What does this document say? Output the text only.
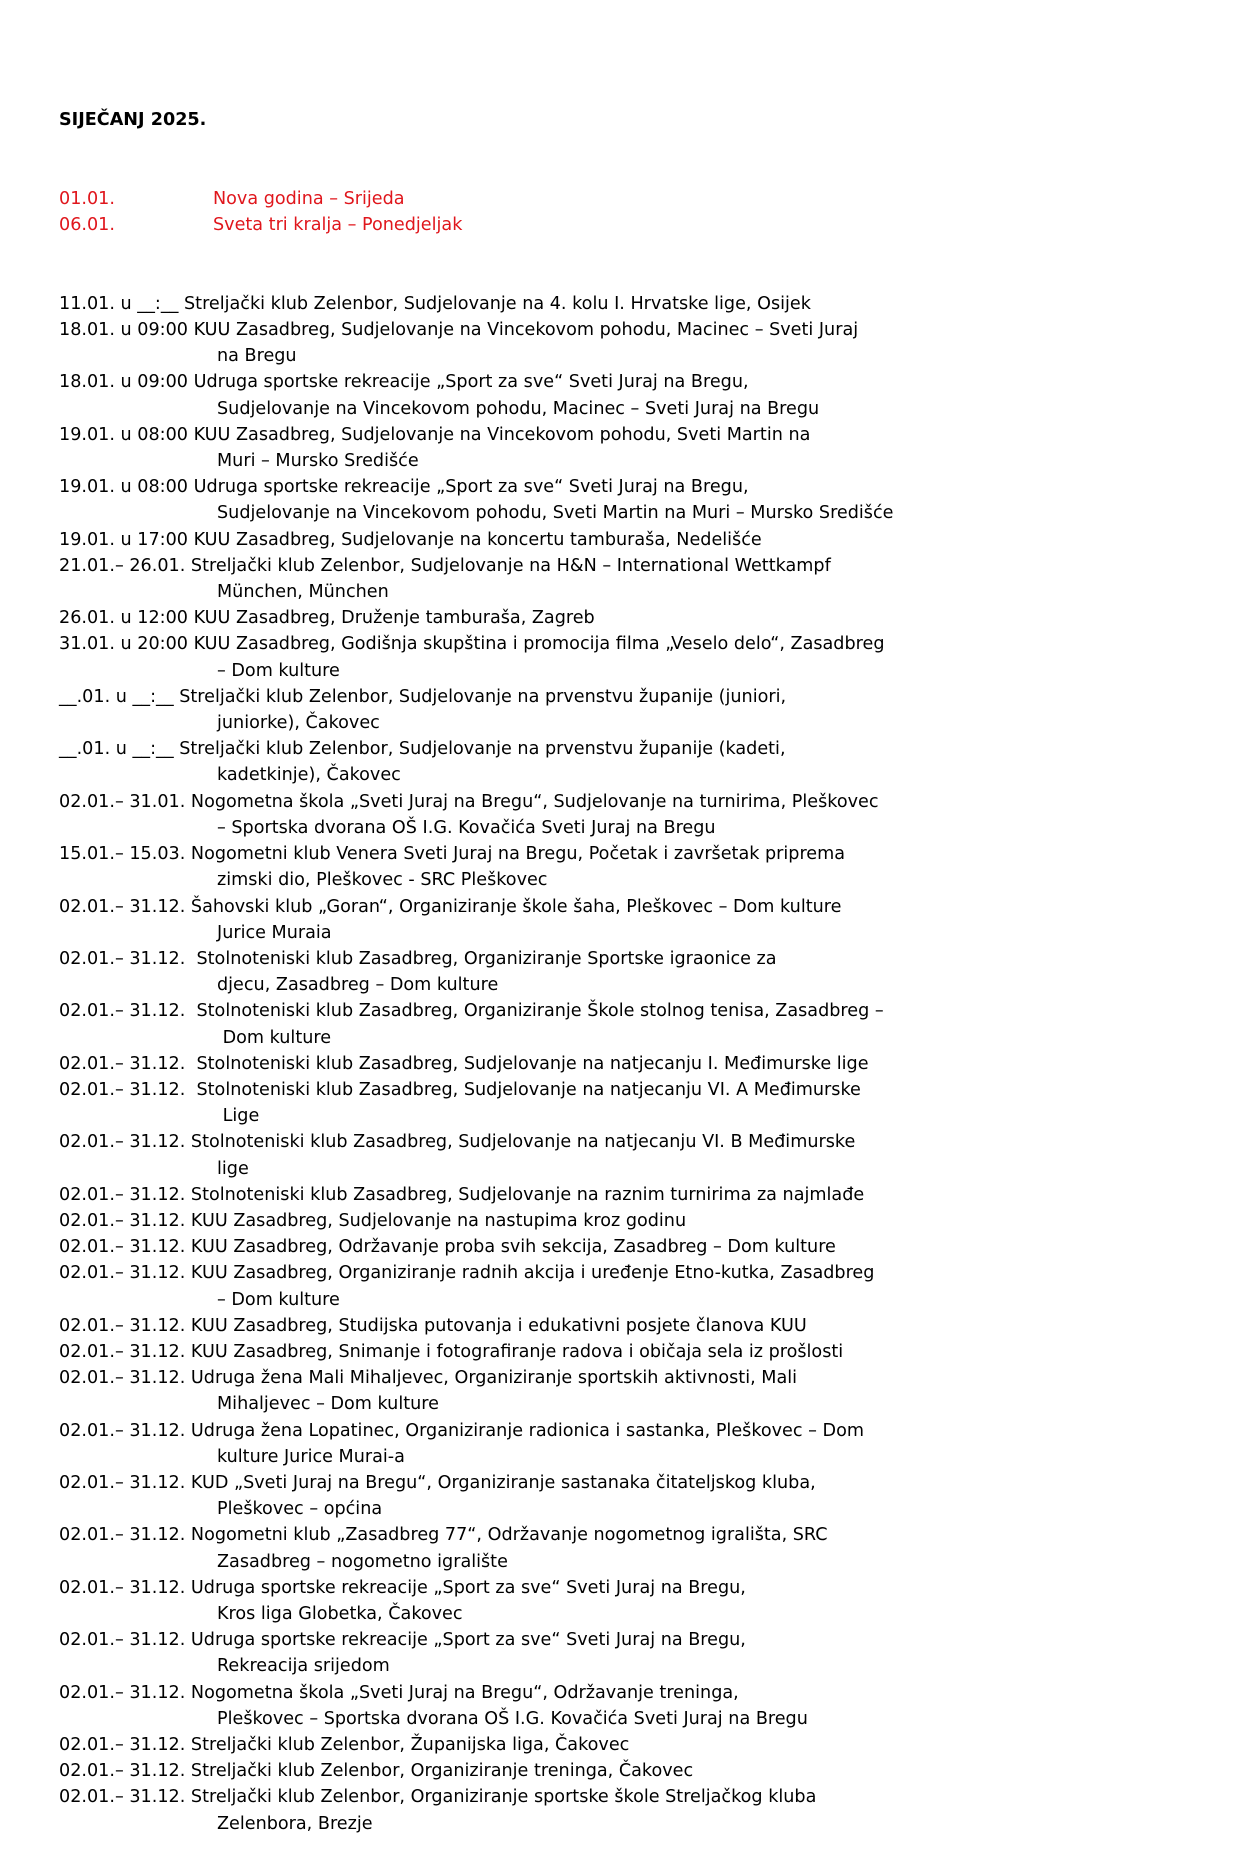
SIJEČANJ 2025.

01.01.	Nova godina – Srijeda
06.01.	Sveta tri kralja – Ponedjeljak

11.01. u __:__ Streljački klub Zelenbor, Sudjelovanje na 4. kolu I. Hrvatske lige, Osijek
18.01. u 09:00 KUU Zasadbreg, Sudjelovanje na Vincekovom pohodu, Macinec – Sveti Juraj
na Bregu
18.01. u 09:00 Udruga sportske rekreacije „Sport za sve“ Sveti Juraj na Bregu,
Sudjelovanje na Vincekovom pohodu, Macinec – Sveti Juraj na Bregu
19.01. u 08:00 KUU Zasadbreg, Sudjelovanje na Vincekovom pohodu, Sveti Martin na
Muri – Mursko Središće
19.01. u 08:00 Udruga sportske rekreacije „Sport za sve“ Sveti Juraj na Bregu,
Sudjelovanje na Vincekovom pohodu, Sveti Martin na Muri – Mursko Središće
19.01. u 17:00 KUU Zasadbreg, Sudjelovanje na koncertu tamburaša, Nedelišće
21.01.– 26.01. Streljački klub Zelenbor, Sudjelovanje na H&N – International Wettkampf
München, München
26.01. u 12:00 KUU Zasadbreg, Druženje tamburaša, Zagreb
31.01. u 20:00 KUU Zasadbreg, Godišnja skupština i promocija filma „Veselo delo“, Zasadbreg
– Dom kulture
__.01. u __:__ Streljački klub Zelenbor, Sudjelovanje na prvenstvu županije (juniori,
juniorke), Čakovec
__.01. u __:__ Streljački klub Zelenbor, Sudjelovanje na prvenstvu županije (kadeti,
kadetkinje), Čakovec
02.01.– 31.01. Nogometna škola „Sveti Juraj na Bregu“, Sudjelovanje na turnirima, Pleškovec
– Sportska dvorana OŠ I.G. Kovačića Sveti Juraj na Bregu
15.01.– 15.03. Nogometni klub Venera Sveti Juraj na Bregu, Početak i završetak priprema
zimski dio, Pleškovec - SRC Pleškovec
02.01.– 31.12. Šahovski klub „Goran“, Organiziranje škole šaha, Pleškovec – Dom kulture
Jurice Muraia
02.01.– 31.12.  Stolnoteniski klub Zasadbreg, Organiziranje Sportske igraonice za
djecu, Zasadbreg – Dom kulture
02.01.– 31.12.  Stolnoteniski klub Zasadbreg, Organiziranje Škole stolnog tenisa, Zasadbreg –
Dom kulture
02.01.– 31.12.  Stolnoteniski klub Zasadbreg, Sudjelovanje na natjecanju I. Međimurske lige
02.01.– 31.12.  Stolnoteniski klub Zasadbreg, Sudjelovanje na natjecanju VI. A Međimurske
Lige
02.01.– 31.12. Stolnoteniski klub Zasadbreg, Sudjelovanje na natjecanju VI. B Međimurske
lige
02.01.– 31.12. Stolnoteniski klub Zasadbreg, Sudjelovanje na raznim turnirima za najmlađe
02.01.– 31.12. KUU Zasadbreg, Sudjelovanje na nastupima kroz godinu
02.01.– 31.12. KUU Zasadbreg, Održavanje proba svih sekcija, Zasadbreg – Dom kulture
02.01.– 31.12. KUU Zasadbreg, Organiziranje radnih akcija i uređenje Etno-kutka, Zasadbreg
– Dom kulture
02.01.– 31.12. KUU Zasadbreg, Studijska putovanja i edukativni posjete članova KUU
02.01.– 31.12. KUU Zasadbreg, Snimanje i fotografiranje radova i običaja sela iz prošlosti
02.01.– 31.12. Udruga žena Mali Mihaljevec, Organiziranje sportskih aktivnosti, Mali
Mihaljevec – Dom kulture
02.01.– 31.12. Udruga žena Lopatinec, Organiziranje radionica i sastanka, Pleškovec – Dom
kulture Jurice Murai-a
02.01.– 31.12. KUD „Sveti Juraj na Bregu“, Organiziranje sastanaka čitateljskog kluba,
Pleškovec – općina
02.01.– 31.12. Nogometni klub „Zasadbreg 77“, Održavanje nogometnog igrališta, SRC
Zasadbreg – nogometno igralište
02.01.– 31.12. Udruga sportske rekreacije „Sport za sve“ Sveti Juraj na Bregu,
Kros liga Globetka, Čakovec
02.01.– 31.12. Udruga sportske rekreacije „Sport za sve“ Sveti Juraj na Bregu,
Rekreacija srijedom
02.01.– 31.12. Nogometna škola „Sveti Juraj na Bregu“, Održavanje treninga,
Pleškovec – Sportska dvorana OŠ I.G. Kovačića Sveti Juraj na Bregu
02.01.– 31.12. Streljački klub Zelenbor, Županijska liga, Čakovec
02.01.– 31.12. Streljački klub Zelenbor, Organiziranje treninga, Čakovec
02.01.– 31.12. Streljački klub Zelenbor, Organiziranje sportske škole Streljačkog kluba
Zelenbora, Brezje
